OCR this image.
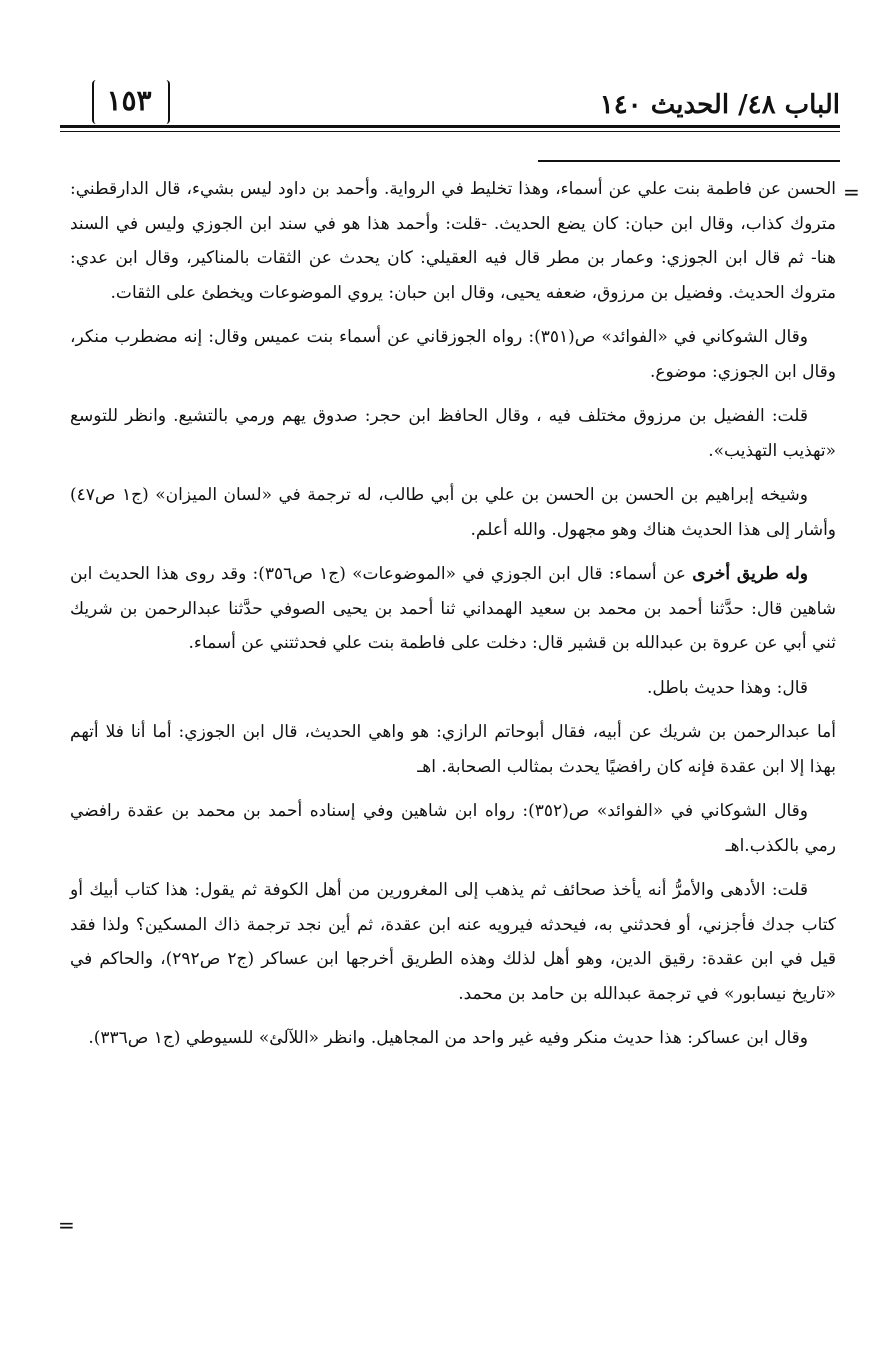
الباب ٤٨/ الحديث ١٤٠
١٥٣
=
=

الحسن عن فاطمة بنت علي عن أسماء، وهذا تخليط في الرواية. وأحمد بن داود ليس بشيء، قال الدارقطني: متروك كذاب، وقال ابن حبان: كان يضع الحديث. -قلت: وأحمد هذا هو في سند ابن الجوزي وليس في السند هنا- ثم قال ابن الجوزي: وعمار بن مطر قال فيه العقيلي: كان يحدث عن الثقات بالمناكير، وقال ابن عدي: متروك الحديث. وفضيل بن مرزوق، ضعفه يحيى، وقال ابن حبان: يروي الموضوعات ويخطئ على الثقات.

وقال الشوكاني في «الفوائد» ص(٣٥١): رواه الجوزقاني عن أسماء بنت عميس وقال: إنه مضطرب منكر، وقال ابن الجوزي: موضوع.

قلت: الفضيل بن مرزوق مختلف فيه ، وقال الحافظ ابن حجر: صدوق يهم ورمي بالتشيع. وانظر للتوسع «تهذيب التهذيب».

وشيخه إبراهيم بن الحسن بن الحسن بن علي بن أبي طالب، له ترجمة في «لسان الميزان» (ج١ ص٤٧) وأشار إلى هذا الحديث هناك وهو مجهول. والله أعلم.

وله طريق أخرى عن أسماء: قال ابن الجوزي في «الموضوعات» (ج١ ص٣٥٦): وقد روى هذا الحديث ابن شاهين قال: حدَّثنا أحمد بن محمد بن سعيد الهمداني ثنا أحمد بن يحيى الصوفي حدَّثنا عبدالرحمن بن شريك ثني أبي عن عروة بن عبدالله بن قشير قال: دخلت على فاطمة بنت علي فحدثتني عن أسماء.

قال: وهذا حديث باطل.

أما عبدالرحمن بن شريك عن أبيه، فقال أبوحاتم الرازي: هو واهي الحديث، قال ابن الجوزي: أما أنا فلا أتهم بهذا إلا ابن عقدة فإنه كان رافضيًا يحدث بمثالب الصحابة. اهـ

وقال الشوكاني في «الفوائد» ص(٣٥٢): رواه ابن شاهين وفي إسناده أحمد بن محمد بن عقدة رافضي رمي بالكذب.اهـ

قلت: الأدهى والأمرُّ أنه يأخذ صحائف ثم يذهب إلى المغرورين من أهل الكوفة ثم يقول: هذا كتاب أبيك أو كتاب جدك فأجزني، أو فحدثني به، فيحدثه فيرويه عنه ابن عقدة، ثم أين نجد ترجمة ذاك المسكين؟ ولذا فقد قيل في ابن عقدة: رقيق الدين، وهو أهل لذلك وهذه الطريق أخرجها ابن عساكر (ج٢ ص٢٩٢)، والحاكم في «تاريخ نيسابور» في ترجمة عبدالله بن حامد بن محمد.

وقال ابن عساكر: هذا حديث منكر وفيه غير واحد من المجاهيل. وانظر «اللآلئ» للسيوطي (ج١ ص٣٣٦).
